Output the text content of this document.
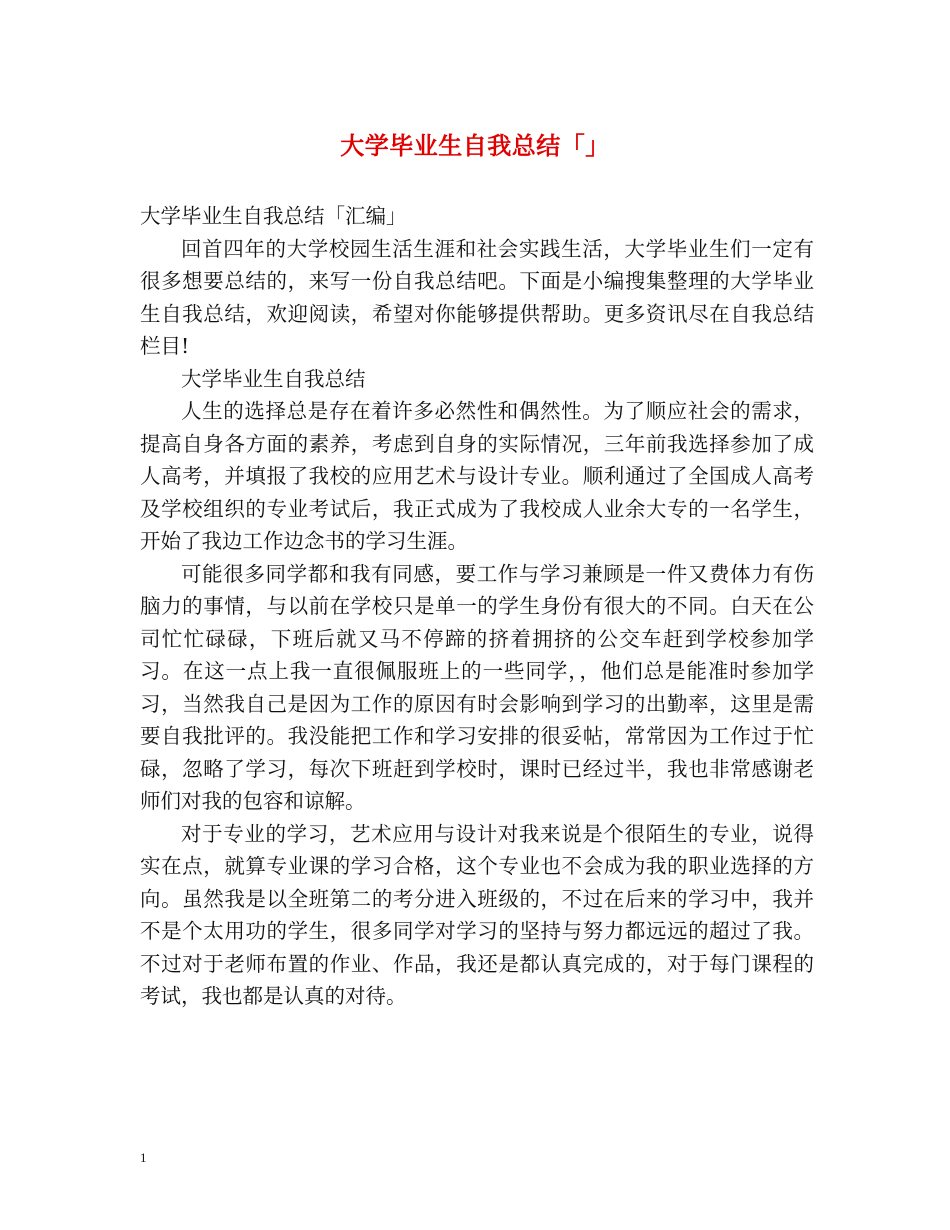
大学毕业生自我总结「」

大学毕业生自我总结「汇编」

回首四年的大学校园生活生涯和社会实践生活，大学毕业生们一定有很多想要总结的，来写一份自我总结吧。下面是小编搜集整理的大学毕业生自我总结，欢迎阅读，希望对你能够提供帮助。更多资讯尽在自我总结栏目!

大学毕业生自我总结

人生的选择总是存在着许多必然性和偶然性。为了顺应社会的需求，提高自身各方面的素养，考虑到自身的实际情况，三年前我选择参加了成人高考，并填报了我校的应用艺术与设计专业。顺利通过了全国成人高考及学校组织的专业考试后，我正式成为了我校成人业余大专的一名学生，开始了我边工作边念书的学习生涯。

可能很多同学都和我有同感，要工作与学习兼顾是一件又费体力有伤脑力的事情，与以前在学校只是单一的学生身份有很大的不同。白天在公司忙忙碌碌，下班后就又马不停蹄的挤着拥挤的公交车赶到学校参加学习。在这一点上我一直很佩服班上的一些同学，，他们总是能准时参加学习，当然我自己是因为工作的原因有时会影响到学习的出勤率，这里是需要自我批评的。我没能把工作和学习安排的很妥帖，常常因为工作过于忙碌，忽略了学习，每次下班赶到学校时，课时已经过半，我也非常感谢老师们对我的包容和谅解。

对于专业的学习，艺术应用与设计对我来说是个很陌生的专业，说得实在点，就算专业课的学习合格，这个专业也不会成为我的职业选择的方向。虽然我是以全班第二的考分进入班级的，不过在后来的学习中，我并不是个太用功的学生，很多同学对学习的坚持与努力都远远的超过了我。不过对于老师布置的作业、作品，我还是都认真完成的，对于每门课程的考试，我也都是认真的对待。

1
